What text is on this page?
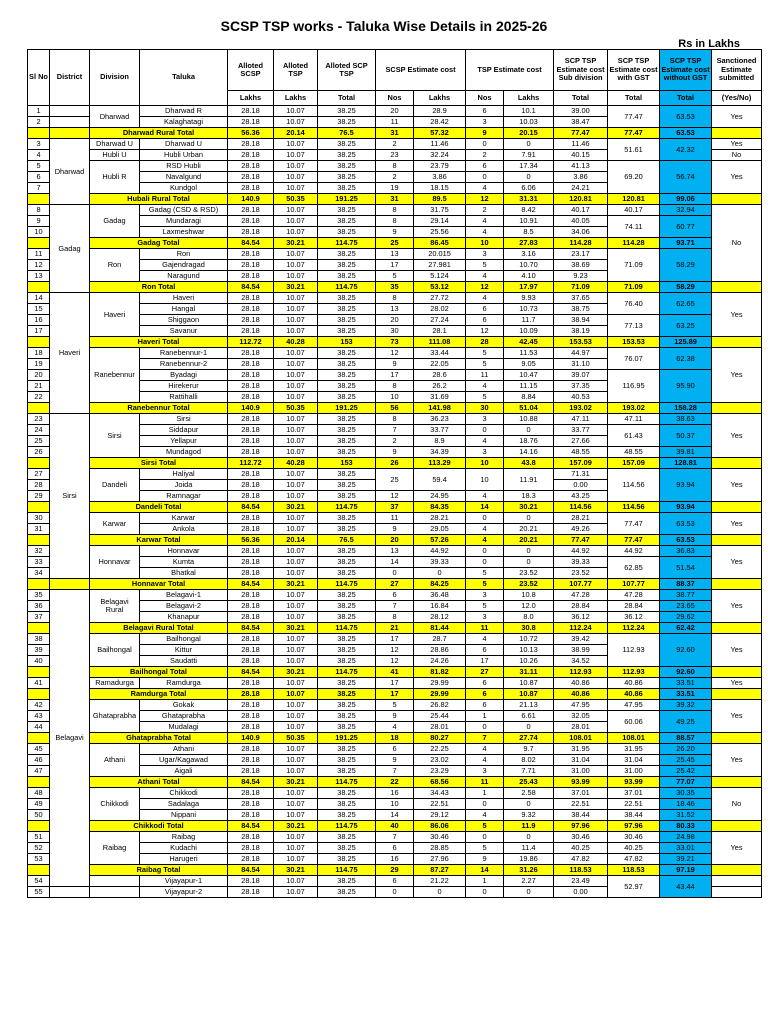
SCSP TSP works - Taluka Wise Details in 2025-26
Rs in Lakhs
Sl No	District	Division	Taluka	Alloted SCSP	Alloted TSP	Alloted SCP TSP	SCSP Estimate cost		TSP Estimate cost		SCP TSP Estimate cost Sub division	SCP TSP Estimate cost with GST	SCP TSP Estimate cost without GST	Sanctioned Estimate submitted
				Lakhs	Lakhs	Total	Nos	Lakhs	Nos	Lakhs	Total	Total	Total	(Yes/No)
1		Dharwad	Dharwad R	28.18	10.07	38.25	20	28.9	6	10.1	39.00	77.47	63.53	Yes
2			Kalaghatagi	28.18	10.07	38.25	11	28.42	3	10.03	38.47			
		Dharwad Rural Total		56.36	20.14	76.5	31	57.32	9	20.15	77.47	77.47	63.53	
3	Dharwad	Dharwad U	Dharwad U	28.18	10.07	38.25	2	11.46	0	0	11.46	51.61	42.32	Yes
4		Hubli U	Hubli Urban	28.18	10.07	38.25	23	32.24	2	7.91	40.15			No
5		Hubli R	RSD Hubli	28.18	10.07	38.25	8	23.79	6	17.34	41.13	69.20	56.74	Yes
6			Navalgund	28.18	10.07	38.25	2	3.86	0	0	3.86			
7			Kundgol	28.18	10.07	38.25	19	18.15	4	6.06	24.21			
		Hubali Rural Total		140.9	50.35	191.25	31	89.5	12	31.31	120.81	120.81	99.06	
8	Gadag	Gadag	Gadag (CSD & RSD)	28.18	10.07	38.25	8	31.75	2	8.42	40.17	40.17	32.94	No
9			Mundaragi	28.18	10.07	38.25	8	29.14	4	10.91	40.05	74.11	60.77	
10			Laxmeshwar	28.18	10.07	38.25	9	25.56	4	8.5	34.06			
		Gadag Total		84.54	30.21	114.75	25	86.45	10	27.83	114.28	114.28	93.71	
11		Ron	Ron	28.18	10.07	38.25	13	20.015	3	3.16	23.17	71.09	58.29	
12			Gajendragad	28.18	10.07	38.25	17	27.981	5	10.70	38.69			
13			Naragund	28.18	10.07	38.25	5	5.124	4	4.10	9.23			
		Ron Total		84.54	30.21	114.75	35	53.12	12	17.97	71.09	71.09	58.29	
14	Haveri	Haveri	Haveri	28.18	10.07	38.25	8	27.72	4	9.93	37.65	76.40	62.65	Yes
15			Hangal	28.18	10.07	38.25	13	28.02	6	10.73	38.75			
16			Shiggaon	28.18	10.07	38.25	20	27.24	6	11.7	38.94	77.13	63.25	
17			Savanur	28.18	10.07	38.25	30	28.1	12	10.09	38.19			
		Haveri Total		112.72	40.28	153	73	111.08	28	42.45	153.53	153.53	125.89	
18		Ranebennur	Ranebennur-1	28.18	10.07	38.25	12	33.44	5	11.53	44.97	76.07	62.38	Yes
19			Ranebennur-2	28.18	10.07	38.25	9	22.05	5	9.05	31.10			
20			Byadagi	28.18	10.07	38.25	17	28.6	11	10.47	39.07	116.95	95.90	
21			Hirekerur	28.18	10.07	38.25	8	26.2	4	11.15	37.35			
22			Rattihalli	28.18	10.07	38.25	10	31.69	5	8.84	40.53			
		Ranebennur Total		140.9	50.35	191.25	56	141.98	30	51.04	193.02	193.02	158.28	
23	Sirsi	Sirsi	Sirsi	28.18	10.07	38.25	8	36.23	3	10.88	47.11	47.11	38.63	Yes
24			Siddapur	28.18	10.07	38.25	7	33.77	0	0	33.77	61.43	50.37	
25			Yellapur	28.18	10.07	38.25	2	8.9	4	18.76	27.66			
26			Mundagod	28.18	10.07	38.25	9	34.39	3	14.16	48.55	48.55	39.81	
		Sirsi Total		112.72	40.28	153	26	113.29	10	43.8	157.09	157.09	128.81	
27		Dandeli	Haliyal	28.18	10.07	38.25	25	59.4	10	11.91	71.31	114.56	93.94	Yes
28			Joida	28.18	10.07	38.25					0.00			
29			Ramnagar	28.18	10.07	38.25	12	24.95	4	18.3	43.25			
		Dandeli Total		84.54	30.21	114.75	37	84.35	14	30.21	114.56	114.56	93.94	
30		Karwar	Karwar	28.18	10.07	38.25	11	28.21	0	0	28.21	77.47	63.53	Yes
31			Ankola	28.18	10.07	38.25	9	29.05	4	20.21	49.26			
		Karwar Total		56.36	20.14	76.5	20	57.26	4	20.21	77.47	77.47	63.53	
32		Honnavar	Honnavar	28.18	10.07	38.25	13	44.92	0	0	44.92	44.92	36.83	Yes
33			Kumta	28.18	10.07	38.25	14	39.33	0	0	39.33	62.85	51.54	
34			Bhatkal	28.18	10.07	38.25	0	0	5	23.52	23.52			
		Honnavar Total		84.54	30.21	114.75	27	84.25	5	23.52	107.77	107.77	88.37	
35	Belagavi	Belagavi Rural	Belagavi-1	28.18	10.07	38.25	6	36.48	3	10.8	47.28	47.28	38.77	Yes
36			Belagavi-2	28.18	10.07	38.25	7	16.84	5	12.0	28.84	28.84	23.65	
37			Khanapur	28.18	10.07	38.25	8	28.12	3	8.0	36.12	36.12	29.62	
		Belagavi Rural Total		84.54	30.21	114.75	21	81.44	11	30.8	112.24	112.24	62.42	
38		Bailhongal	Bailhongal	28.18	10.07	38.25	17	28.7	4	10.72	39.42	112.93	92.60	Yes
39			Kittur	28.18	10.07	38.25	12	28.86	6	10.13	38.99			
40			Saudatti	28.18	10.07	38.25	12	24.26	17	10.26	34.52			
		Bailhongal Total		84.54	30.21	114.75	41	81.82	27	31.11	112.93	112.93	92.60	
41		Ramadurga	Ramdurga	28.18	10.07	38.25	17	29.99	6	10.87	40.86	40.86	33.51	Yes
		Ramdurga Total		28.18	10.07	38.25	17	29.99	6	10.87	40.86	40.86	33.51	
42		Ghataprabha	Gokak	28.18	10.07	38.25	5	26.82	6	21.13	47.95	47.95	39.32	Yes
43			Ghataprabha	28.18	10.07	38.25	9	25.44	1	6.61	32.05	60.06	49.25	
44			Mudalagi	28.18	10.07	38.25	4	28.01	0	0	28.01			
		Ghataprabha Total		140.9	50.35	191.25	18	80.27	7	27.74	108.01	108.01	88.57	
45		Athani	Athani	28.18	10.07	38.25	6	22.25	4	9.7	31.95	31.95	26.20	Yes
46			Ugar/Kagawad	28.18	10.07	38.25	9	23.02	4	8.02	31.04	31.04	25.45	
47			Aigali	28.18	10.07	38.25	7	23.29	3	7.71	31.00	31.00	25.42	
		Athani Total		84.54	30.21	114.75	22	68.56	11	25.43	93.99	93.99	77.07	
48		Chikkodi	Chikkodi	28.18	10.07	38.25	16	34.43	1	2.58	37.01	37.01	30.35	No
49			Sadalaga	28.18	10.07	38.25	10	22.51	0	0	22.51	22.51	18.46	
50			Nippani	28.18	10.07	38.25	14	29.12	4	9.32	38.44	38.44	31.52	
		Chikkodi Total		84.54	30.21	114.75	40	86.06	5	11.9	97.96	97.96	80.33	
51		Raibag	Raibag	28.18	10.07	38.25	7	30.46	0	0	30.46	30.46	24.98	Yes
52			Kudachi	28.18	10.07	38.25	6	28.85	5	11.4	40.25	40.25	33.01	
53			Harugeri	28.18	10.07	38.25	16	27.96	9	19.86	47.82	47.82	39.21	
		Raibag Total		84.54	30.21	114.75	29	87.27	14	31.26	118.53	118.53	97.19	
54			Vijayapur-1	28.18	10.07	38.25	6	21.22	1	2.27	23.49	52.97	43.44	
55			Vijayapur-2	28.18	10.07	38.25	0	0	0	0	0.00			
